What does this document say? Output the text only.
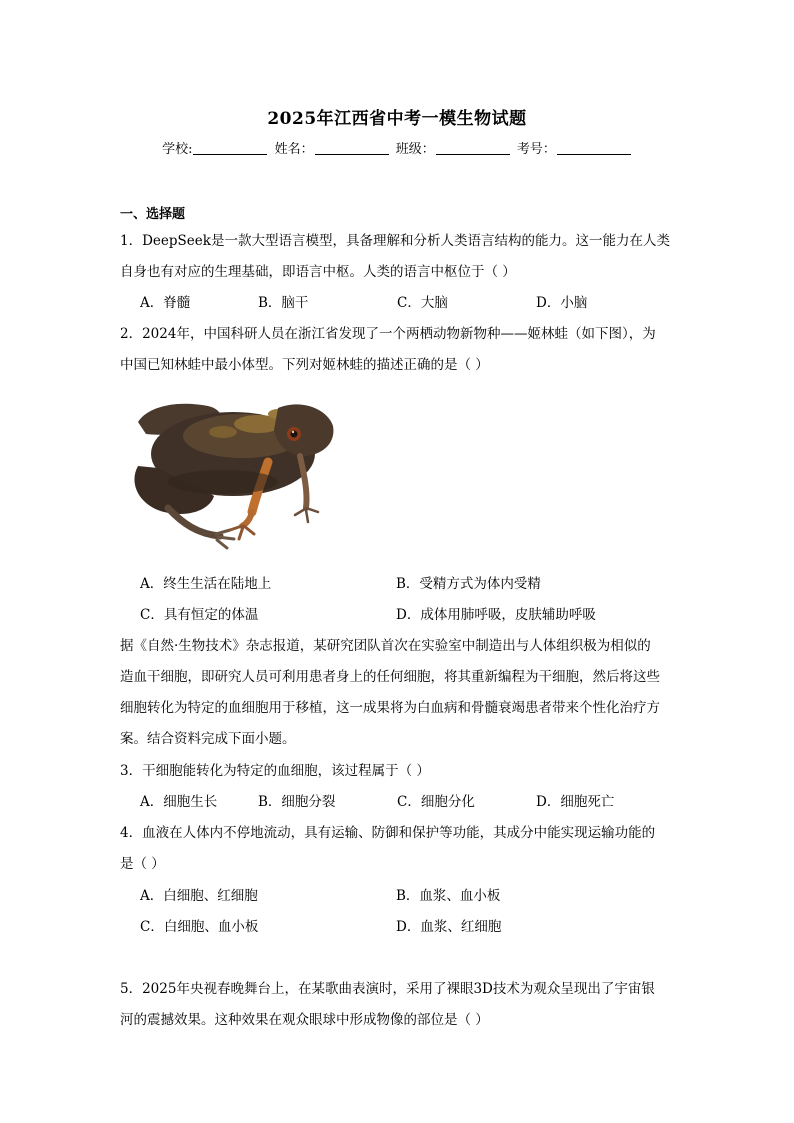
2025年江西省中考一模生物试题
学校:	姓名：	班级：	考号：
一、选择题
1．DeepSeek是一款大型语言模型，具备理解和分析人类语言结构的能力。这一能力在人类
自身也有对应的生理基础，即语言中枢。人类的语言中枢位于（ ）
A．脊髓	B．脑干	C．大脑	D．小脑
2．2024年，中国科研人员在浙江省发现了一个两栖动物新物种——姬林蛙（如下图），为
中国已知林蛙中最小体型。下列对姬林蛙的描述正确的是（ ）
A．终生生活在陆地上	B．受精方式为体内受精
C．具有恒定的体温	D．成体用肺呼吸，皮肤辅助呼吸
据《自然·生物技术》杂志报道，某研究团队首次在实验室中制造出与人体组织极为相似的
造血干细胞，即研究人员可利用患者身上的任何细胞，将其重新编程为干细胞，然后将这些
细胞转化为特定的血细胞用于移植，这一成果将为白血病和骨髓衰竭患者带来个性化治疗方
案。结合资料完成下面小题。
3．干细胞能转化为特定的血细胞，该过程属于（ ）
A．细胞生长	B．细胞分裂	C．细胞分化	D．细胞死亡
4．血液在人体内不停地流动，具有运输、防御和保护等功能，其成分中能实现运输功能的
是（ ）
A．白细胞、红细胞	B．血浆、血小板
C．白细胞、血小板	D．血浆、红细胞
5．2025年央视春晚舞台上，在某歌曲表演时，采用了裸眼3D技术为观众呈现出了宇宙银
河的震撼效果。这种效果在观众眼球中形成物像的部位是（ ）
